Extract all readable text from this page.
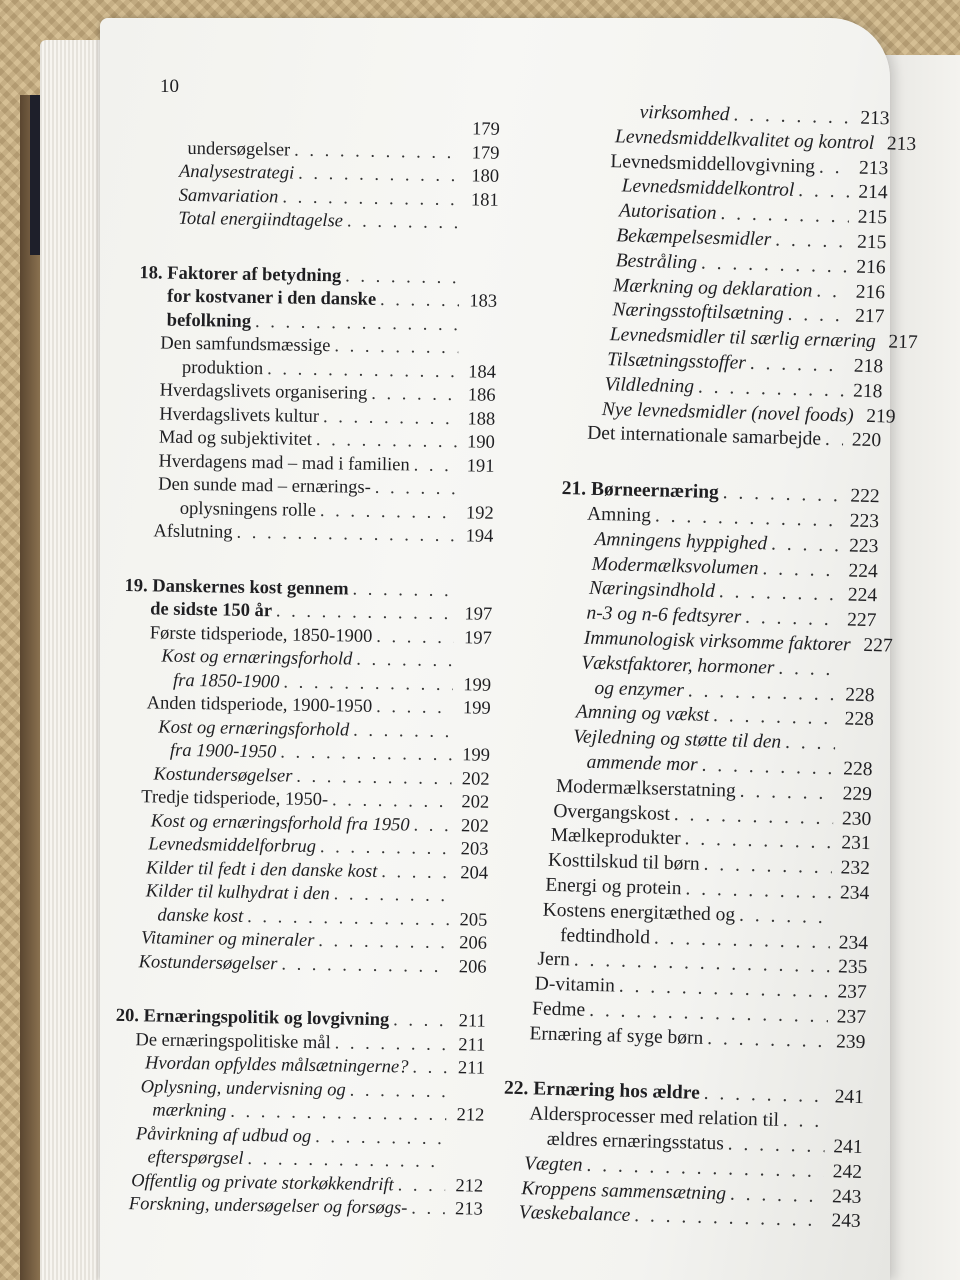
10
179
undersøgelser . . .	179
Analysestrategi . . .	180
Samvariation . . .	181
Total energiindtagelse
. . .
18. Faktorer af betydning
. . .
for kostvaner i den danske . . .	183
befolkning
. . .
Den samfundsmæssige
. . .
produktion . . .	184
Hverdagslivets organisering . . .	186
Hverdagslivets kultur . . .	188
Mad og subjektivitet . . .	190
Hverdagens mad – mad i familien . . .	191
Den sunde mad – ernærings-
. . .
oplysningens rolle . . .	192
Afslutning . . .	194
19. Danskernes kost gennem
. . .
de sidste 150 år . . .	197
Første tidsperiode, 1850-1900 . . .	197
Kost og ernæringsforhold
. . .
fra 1850-1900 . . .	199
Anden tidsperiode, 1900-1950 . . .	199
Kost og ernæringsforhold
. . .
fra 1900-1950 . . .	199
Kostundersøgelser . . .	202
Tredje tidsperiode, 1950- . . .	202
Kost og ernæringsforhold fra 1950 . . .	202
Levnedsmiddelforbrug . . .	203
Kilder til fedt i den danske kost . . .	204
Kilder til kulhydrat i den
. . .
danske kost . . .	205
Vitaminer og mineraler . . .	206
Kostundersøgelser . . .	206
20. Ernæringspolitik og lovgivning . . .	211
De ernæringspolitiske mål . . .	211
Hvordan opfyldes målsætningerne? . . .	211
Oplysning, undervisning og
. . .
mærkning . . .	212
Påvirkning af udbud og
. . .
efterspørgsel
. . .
Offentlig og private storkøkkendrift . . .	212
Forskning, undersøgelser og forsøgs- . . .	213
virksomhed . . .	213
Levnedsmiddelkvalitet og kontrol . . . 213
Levnedsmiddellovgivning . . . 213
Levnedsmiddelkontrol . . .	214
Autorisation . . .	215
Bekæmpelsesmidler . . .	215
Bestråling . . .	216
Mærkning og deklaration . . . 216
Næringsstoftilsætning . . .	217
Levnedsmidler til særlig ernæring . . . 217
Tilsætningsstoffer . . .	218
Vildledning . . .	218
Nye levnedsmidler (novel foods) . . . 219
Det internationale samarbejde . . . 220
21. Børneernæring . . .	222
Amning . . .	223
Amningens hyppighed . . .	223
Modermælksvolumen . . .	224
Næringsindhold . . .	224
n-3 og n-6 fedtsyrer . . .	227
Immunologisk virksomme faktorer . . . 227
Vækstfaktorer, hormoner
. . .
og enzymer . . .	228
Amning og vækst . . .	228
Vejledning og støtte til den
. . .
ammende mor . . .	228
Modermælkserstatning . . .	229
Overgangskost . . .	230
Mælkeprodukter . . .	231
Kosttilskud til børn . . .	232
Energi og protein . . .	234
Kostens energitæthed og
. . .
fedtindhold . . .	234
Jern . . .	235
D-vitamin . . .	237
Fedme . . .	237
Ernæring af syge børn . . .	239
22. Ernæring hos ældre . . .	241
Aldersprocesser med relation til
. . .
ældres ernæringsstatus . . .	241
Vægten . . .	242
Kroppens sammensætning . . .	243
Væskebalance . . .	243
